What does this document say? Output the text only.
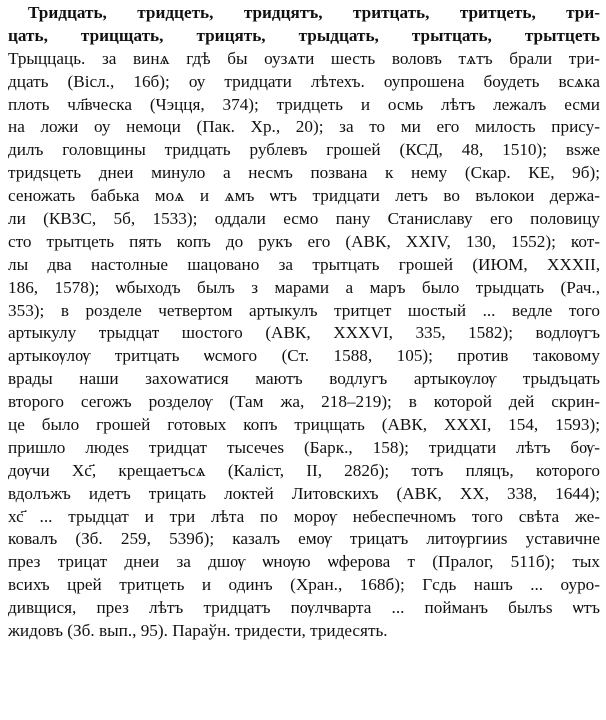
Тридцать, тридцеть, тридцятъ, тритцать, тритцеть, три-
цать, трицщать, трицять, трыдцать, трытцать, трытцеть
Трыццаць. за винѧ гдѣ бы оузѧти шесть воловъ тѧтъ брали три-
дцать (Вісл., 16б); оу тридцати лѣтехъ. оупрошена боудеть всѧка
плоть чл҃вческа (Чэцця, 374); тридцеть и осмь лѣтъ лежалъ есми
на ложи оу немоци (Пак. Хр., 20); за то ми его милость прису-
дилъ головщины тридцать рублевъ грошей (КСД, 48, 1510); вѕже
тридѕцеть днеи минуло а несмъ позвана к нему (Скар. КЕ, 9б);
сеножать бабька моѧ и ѧмъ ѡтъ тридцати летъ во вълокои держа-
ли (КВЗС, 5б, 1533); оддали есмо пану Станиславу его половицу
сто трытцеть пять копъ до рукъ его (АВК, XXIV, 130, 1552); кот-
лы два настолные шацовано за трытцать грошей (ИЮМ, XXXII,
186, 1578); ѡбыходъ былъ з марами а маръ было трыдцать (Рач.,
353); в розделе четвертом артыкулъ тритцет шостый ... ведле того
артыкулу трыдцат шостого (АВК, XXXVI, 335, 1582); водлѹгъ
артыкѹлѹ тритцать ѡсмого (Ст. 1588, 105); против таковому
врады наши захowатися маютъ водлугъ артыкѹлѹ трыдъцать
второго сегожъ розделѹ (Там жа, 218–219); в которой дей скрин-
це было грошей готовых копъ трицщать (АВК, XXXI, 154, 1593);
пришло людеѕ тридцат тысечеѕ (Барк., 158); тридцати лѣтъ бѹ-
дѹчи Хс҃, крещаетъсѧ (Каліст, II, 282б); тотъ пляцъ, которого
вдолъжъ идетъ трицать локтей Литовскихъ (АВК, XX, 338, 1644);
хс҃ ... трыдцат и три лѣта по морѹ небеспечномъ того свѣта же-
ковалъ (Зб. 259, 539б); казалъ емѹ трицатъ литѹргииѕ уставичне
през трицат днеи за дшѹ ѡнѹю ѡферова т (Пралог, 511б); тых
всихъ црей тритцеть и одинъ (Хран., 168б); Гсдь нашъ ... оуро-
дивщися, през лѣтъ тридцатъ пѹлчварта ... пойманъ былъѕ ѡтъ
жидовъ (Зб. вып., 95). Параўн. тридести, тридесять.
